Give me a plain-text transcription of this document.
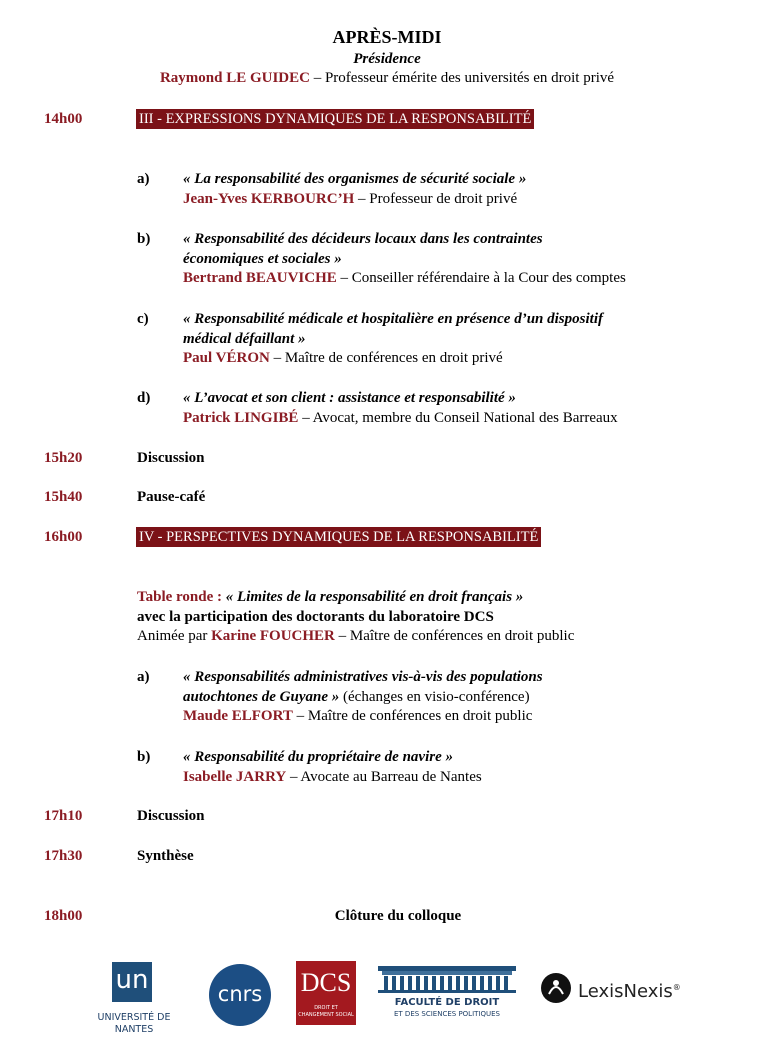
APRÈS-MIDI
Présidence
Raymond LE GUIDEC – Professeur émérite des universités en droit privé
14h00	III - EXPRESSIONS DYNAMIQUES DE LA RESPONSABILITÉ
a) « La responsabilité des organismes de sécurité sociale »
Jean-Yves KERBOURC’H – Professeur de droit privé
b) « Responsabilité des décideurs locaux dans les contraintes
économiques et sociales »
Bertrand BEAUVICHE – Conseiller référendaire à la Cour des comptes
c) « Responsabilité médicale et hospitalière en présence d’un dispositif
médical défaillant »
Paul VÉRON – Maître de conférences en droit privé
d) « L’avocat et son client : assistance et responsabilité »
Patrick LINGIBÉ – Avocat, membre du Conseil National des Barreaux
15h20	Discussion
15h40	Pause-café
16h00	IV - PERSPECTIVES DYNAMIQUES DE LA RESPONSABILITÉ
Table ronde : « Limites de la responsabilité en droit français »
avec la participation des doctorants du laboratoire DCS
Animée par Karine FOUCHER – Maître de conférences en droit public
a) « Responsabilités administratives vis-à-vis des populations
autochtones de Guyane » (échanges en visio-conférence)
Maude ELFORT – Maître de conférences en droit public
b) « Responsabilité du propriétaire de navire »
Isabelle JARRY – Avocate au Barreau de Nantes
17h10	Discussion
17h30	Synthèse
18h00	Clôture du colloque
un
UNIVERSITÉ DE NANTES
cnrs	DCS
DROIT ET
CHANGEMENT SOCIAL
FACULTÉ DE DROIT
ET DES SCIENCES POLITIQUES
LexisNexis®
